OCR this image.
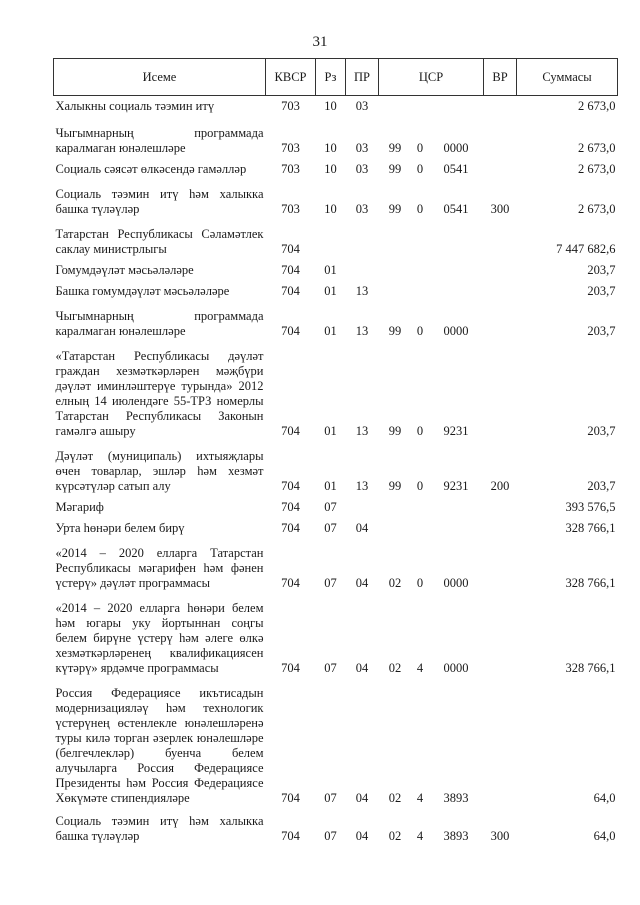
31
Исеме	КВСР	Рз	ПР	ЦСР			ВР	Суммасы
Халыкны социаль тәэмин итү	703	10	03					2 673,0
Чыгымнарның программада каралмаган юнәлешләре	703	10	03	99	0	0000		2 673,0
Социаль сәясәт өлкәсендә гамәлләр	703	10	03	99	0	0541		2 673,0
Социаль тәэмин итү һәм халыкка башка түләүләр	703	10	03	99	0	0541	300	2 673,0
Татарстан Республикасы Сәламәтлек саклау министрлыгы	704							7 447 682,6
Гомумдәүләт мәсьәләләре	704	01						203,7
Башка гомумдәүләт мәсьәләләре	704	01	13					203,7
Чыгымнарның программада каралмаган юнәлешләре	704	01	13	99	0	0000		203,7
«Татарстан Республикасы дәүләт граждан хезмәткәрләрен мәҗбүри дәүләт иминләштерүе турында» 2012 елның 14 июлендәге 55-ТРЗ номерлы Татарстан Республикасы Законын гамәлгә ашыру	704	01	13	99	0	9231		203,7
Дәүләт (муниципаль) ихтыяҗлары өчен товарлар, эшләр һәм хезмәт күрсәтүләр сатып алу	704	01	13	99	0	9231	200	203,7
Мәгариф	704	07						393 576,5
Урта һөнәри белем бирү	704	07	04					328 766,1
«2014 – 2020 елларга Татарстан Республикасы мәгарифен һәм фәнен үстерү» дәүләт программасы	704	07	04	02	0	0000		328 766,1
«2014 – 2020 елларга һөнәри белем һәм югары уку йортыннан соңгы белем бирүне үстерү һәм әлеге өлкә хезмәткәрләренең квалификациясен күтәрү» ярдәмче программасы	704	07	04	02	4	0000		328 766,1
Россия Федерациясе икътисадын модернизацияләү һәм технологик үстерүнең өстенлекле юнәлешләренә туры килә торган әзерлек юнәлешләре (белгечлекләр) буенча белем алучыларга Россия Федерациясе Президенты һәм Россия Федерациясе Хөкүмәте стипендияләре	704	07	04	02	4	3893		64,0
Социаль тәэмин итү һәм халыкка башка түләүләр	704	07	04	02	4	3893	300	64,0
